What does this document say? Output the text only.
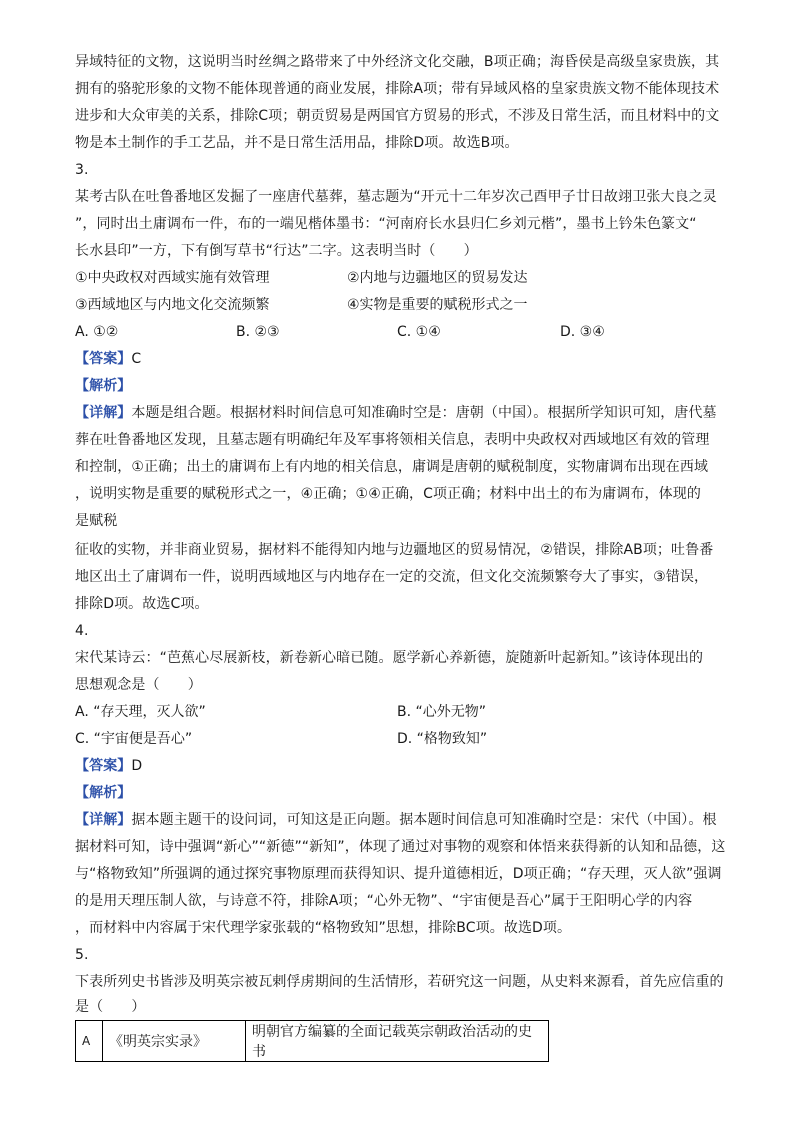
异域特征的文物，这说明当时丝绸之路带来了中外经济文化交融，B项正确；海昏侯是高级皇家贵族，其
拥有的骆驼形象的文物不能体现普通的商业发展，排除A项；带有异域风格的皇家贵族文物不能体现技术
进步和大众审美的关系，排除C项；朝贡贸易是两国官方贸易的形式，不涉及日常生活，而且材料中的文
物是本土制作的手工艺品，并不是日常生活用品，排除D项。故选B项。
3.
某考古队在吐鲁番地区发掘了一座唐代墓葬，墓志题为“开元十二年岁次己酉甲子廿日故翊卫张大良之灵
”，同时出土庸调布一件，布的一端见楷体墨书：“河南府长水县归仁乡刘元楷”，墨书上钤朱色篆文“
长水县印”一方，下有倒写草书“行达”二字。这表明当时（　　）
①中央政权对西域实施有效管理	②内地与边疆地区的贸易发达
③西域地区与内地文化交流频繁	④实物是重要的赋税形式之一
A. ①②	B. ②③	C. ①④	D. ③④
【答案】C
【解析】
【详解】本题是组合题。根据材料时间信息可知准确时空是：唐朝（中国）。根据所学知识可知，唐代墓
葬在吐鲁番地区发现，且墓志题有明确纪年及军事将领相关信息，表明中央政权对西域地区有效的管理
和控制，①正确；出土的庸调布上有内地的相关信息，庸调是唐朝的赋税制度，实物庸调布出现在西域
，说明实物是重要的赋税形式之一，④正确；①④正确，C项正确；材料中出土的布为庸调布，体现的
是赋税
征收的实物，并非商业贸易，据材料不能得知内地与边疆地区的贸易情况，②错误，排除AB项；吐鲁番
地区出土了庸调布一件，说明西域地区与内地存在一定的交流，但文化交流频繁夸大了事实，③错误，
排除D项。故选C项。
4.
宋代某诗云：“芭蕉心尽展新枝，新卷新心暗已随。愿学新心养新德，旋随新叶起新知。”该诗体现出的
思想观念是（　　）
A. “存天理，灭人欲”	B. “心外无物”
C. “宇宙便是吾心”	D. “格物致知”
【答案】D
【解析】
【详解】据本题主题干的设问词，可知这是正向题。据本题时间信息可知准确时空是：宋代（中国）。根
据材料可知，诗中强调“新心”“新德”“新知”，体现了通过对事物的观察和体悟来获得新的认知和品德，这
与“格物致知”所强调的通过探究事物原理而获得知识、提升道德相近，D项正确；“存天理，灭人欲”强调
的是用天理压制人欲，与诗意不符，排除A项；“心外无物”、“宇宙便是吾心”属于王阳明心学的内容
，而材料中内容属于宋代理学家张载的“格物致知”思想，排除BC项。故选D项。
5.
下表所列史书皆涉及明英宗被瓦剌俘虏期间的生活情形，若研究这一问题，从史料来源看，首先应信重的
是（　　）
A	《明英宗实录》	明朝官方编纂的全面记载英宗朝政治活动的史书
